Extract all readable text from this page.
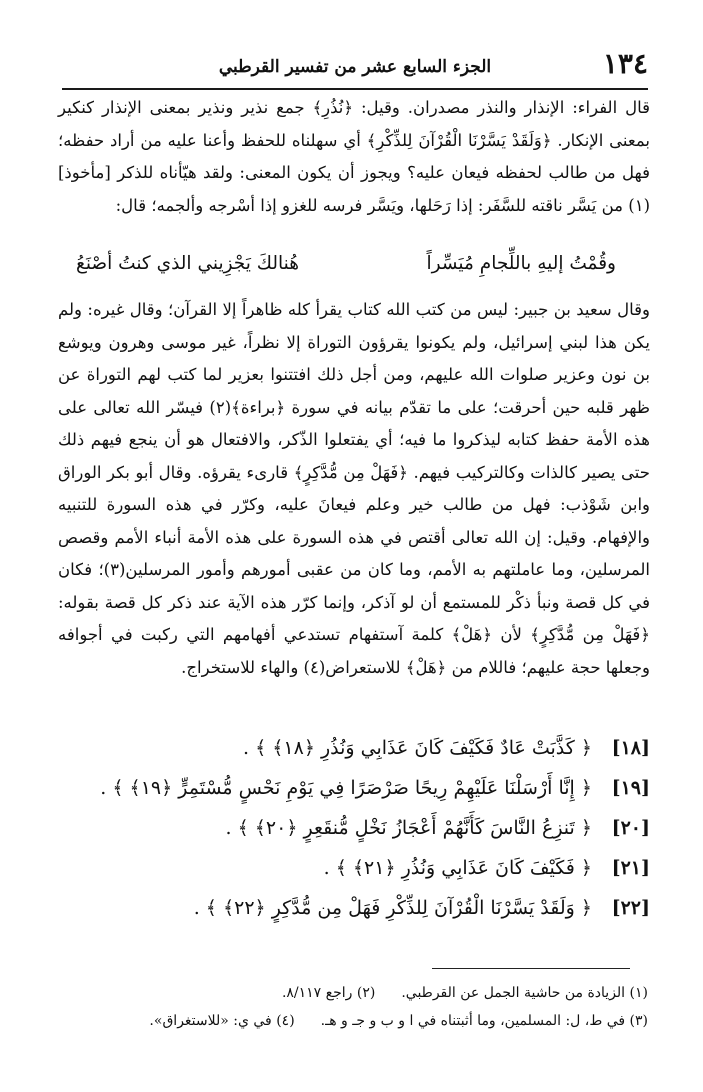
١٣٤
الجزء السابع عشر من تفسير القرطبي

قال الفراء: الإنذار والنذر مصدران. وقيل: ﴿نُذُرِ﴾ جمع نذير ونذير بمعنى الإنذار كنكير بمعنى الإنكار. ﴿وَلَقَدْ يَسَّرْنَا الْقُرْآنَ لِلذِّكْرِ﴾ أي سهلناه للحفظ وأعنا عليه من أراد حفظه؛ فهل من طالب لحفظه فيعان عليه؟ ويجوز أن يكون المعنى: ولقد هيّأناه للذكر [مأخوذ](١) من يَسَّر ناقته للسَّفَر: إذا رَحَلها، ويَسَّر فرسه للغزو إذا أسْرجه وألجمه؛ قال:

وقُمْتُ إليهِ باللِّجامِ مُيَسِّراً
هُنالكَ يَجْزِيني الذي كنتُ أصْنَعُ

وقال سعيد بن جبير: ليس من كتب الله كتاب يقرأ كله ظاهراً إلا القرآن؛ وقال غيره: ولم يكن هذا لبني إسرائيل، ولم يكونوا يقرؤون التوراة إلا نظراً، غير موسى وهرون ويوشع بن نون وعزير صلوات الله عليهم، ومن أجل ذلك افتتنوا بعزير لما كتب لهم التوراة عن ظهر قلبه حين أحرقت؛ على ما تقدّم بيانه في سورة ﴿براءة﴾(٢) فيسّر الله تعالى على هذه الأمة حفظ كتابه ليذكروا ما فيه؛ أي يفتعلوا الذّكر، والافتعال هو أن ينجع فيهم ذلك حتى يصير كالذات وكالتركيب فيهم. ﴿فَهَلْ مِن مُّدَّكِرٍ﴾ قارىء يقرؤه. وقال أبو بكر الوراق وابن شَوْذب: فهل من طالب خير وعلم فيعانَ عليه، وكرّر في هذه السورة للتنبيه والإفهام. وقيل: إن الله تعالى أقتص في هذه السورة على هذه الأمة أنباء الأمم وقصص المرسلين، وما عاملتهم به الأمم، وما كان من عقبى أمورهم وأمور المرسلين(٣)؛ فكان في كل قصة ونبأ ذكْر للمستمع أن لو آذكر، وإنما كرّر هذه الآية عند ذكر كل قصة بقوله: ﴿فَهَلْ مِن مُّدَّكِرٍ﴾ لأن ﴿هَلْ﴾ كلمة آستفهام تستدعي أفهامهم التي ركبت في أجوافه وجعلها حجة عليهم؛ فاللام من ﴿هَلْ﴾ للاستعراض(٤) والهاء للاستخراج.

[١٨]﴿ كَذَّبَتْ عَادٌ فَكَيْفَ كَانَ عَذَابِي وَنُذُرِ ﴿١٨﴾ ﴾ .
[١٩]﴿ إِنَّا أَرْسَلْنَا عَلَيْهِمْ رِيحًا صَرْصَرًا فِي يَوْمِ نَحْسٍ مُّسْتَمِرٍّ ﴿١٩﴾ ﴾ .
[٢٠]﴿ تَنزِعُ النَّاسَ كَأَنَّهُمْ أَعْجَازُ نَخْلٍ مُّنقَعِرٍ ﴿٢٠﴾ ﴾ .
[٢١]﴿ فَكَيْفَ كَانَ عَذَابِي وَنُذُرِ ﴿٢١﴾ ﴾ .
[٢٢]﴿ وَلَقَدْ يَسَّرْنَا الْقُرْآنَ لِلذِّكْرِ فَهَلْ مِن مُّدَّكِرٍ ﴿٢٢﴾ ﴾ .
(١) الزيادة من حاشية الجمل عن القرطبي.(٢) راجع ٨/١١٧.
(٣) في ط، ل: المسلمين، وما أثبتناه في ا و ب و جـ و هـ.(٤) في ي: «للاستغراق».
